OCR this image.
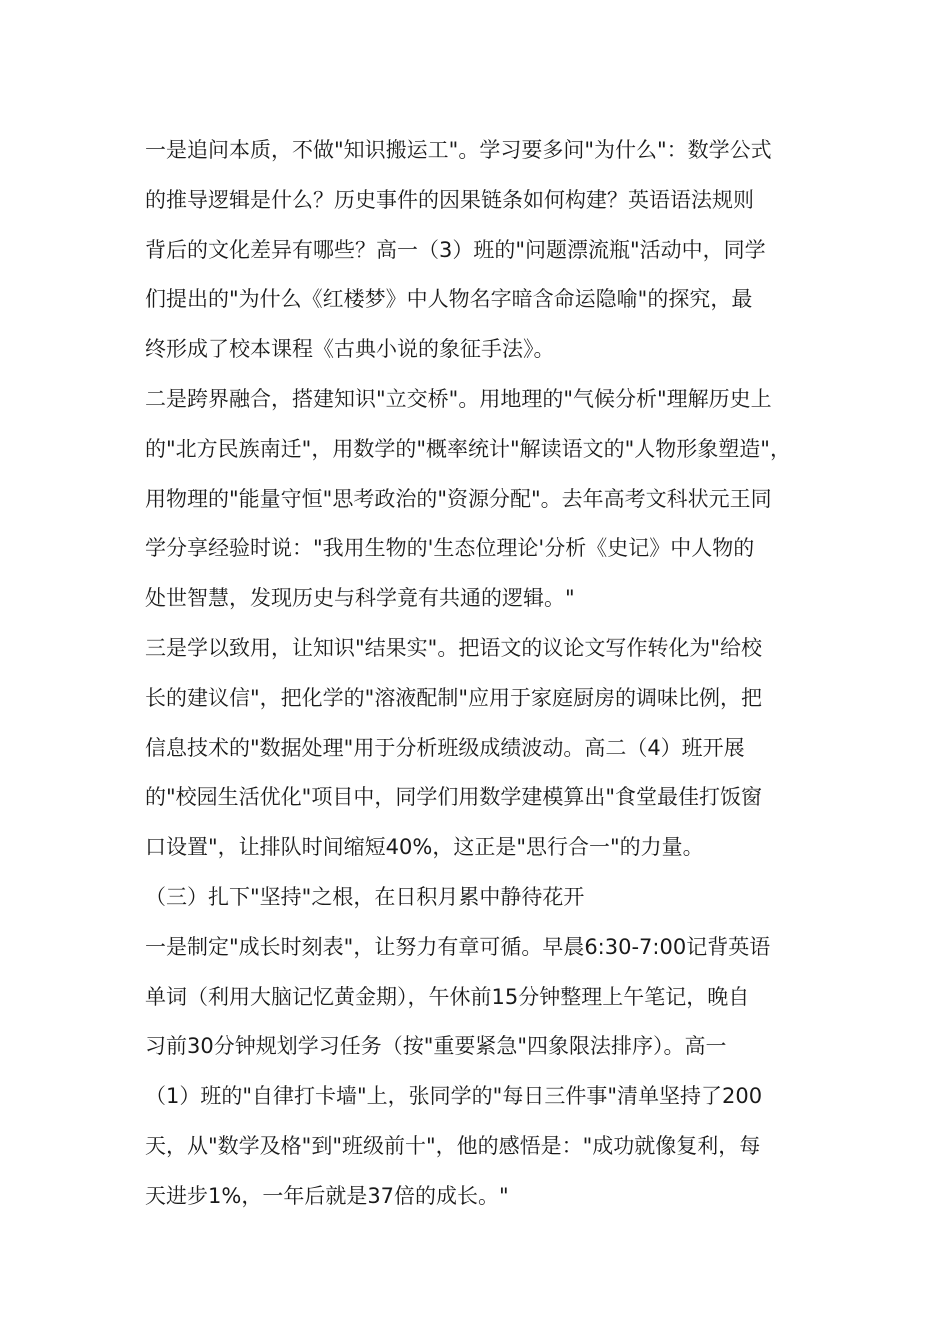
一是追问本质，不做"知识搬运工"。学习要多问"为什么"：数学公式
的推导逻辑是什么？历史事件的因果链条如何构建？英语语法规则
背后的文化差异有哪些？高一（3）班的"问题漂流瓶"活动中，同学
们提出的"为什么《红楼梦》中人物名字暗含命运隐喻"的探究，最
终形成了校本课程《古典小说的象征手法》。
二是跨界融合，搭建知识"立交桥"。用地理的"气候分析"理解历史上
的"北方民族南迁"，用数学的"概率统计"解读语文的"人物形象塑造"，
用物理的"能量守恒"思考政治的"资源分配"。去年高考文科状元王同
学分享经验时说："我用生物的'生态位理论'分析《史记》中人物的
处世智慧，发现历史与科学竟有共通的逻辑。"
三是学以致用，让知识"结果实"。把语文的议论文写作转化为"给校
长的建议信"，把化学的"溶液配制"应用于家庭厨房的调味比例，把
信息技术的"数据处理"用于分析班级成绩波动。高二（4）班开展
的"校园生活优化"项目中，同学们用数学建模算出"食堂最佳打饭窗
口设置"，让排队时间缩短40%，这正是"思行合一"的力量。
（三）扎下"坚持"之根，在日积月累中静待花开
一是制定"成长时刻表"，让努力有章可循。早晨6:30-7:00记背英语
单词（利用大脑记忆黄金期），午休前15分钟整理上午笔记，晚自
习前30分钟规划学习任务（按"重要紧急"四象限法排序）。高一
（1）班的"自律打卡墙"上，张同学的"每日三件事"清单坚持了200
天，从"数学及格"到"班级前十"，他的感悟是："成功就像复利，每
天进步1%，一年后就是37倍的成长。"
